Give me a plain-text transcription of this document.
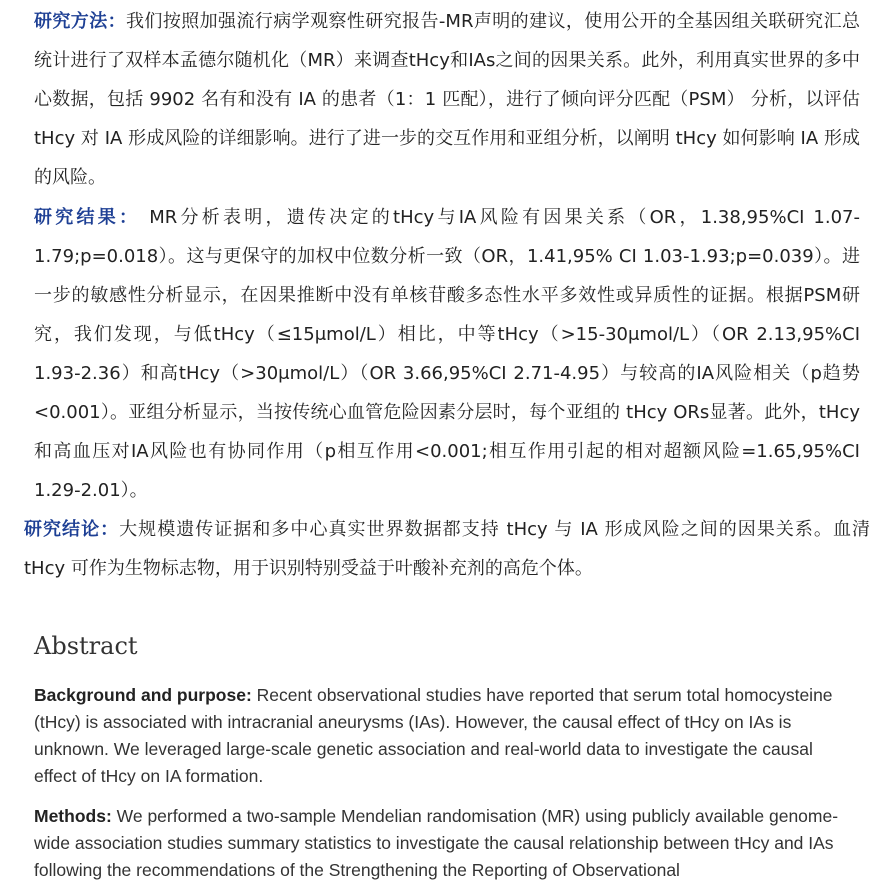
研究方法：我们按照加强流行病学观察性研究报告-MR声明的建议，使用公开的全基因组关联研究汇总统计进行了双样本孟德尔随机化（MR）来调查tHcy和IAs之间的因果关系。此外，利用真实世界的多中心数据，包括 9902 名有和没有 IA 的患者（1：1 匹配），进行了倾向评分匹配（PSM） 分析，以评估 tHcy 对 IA 形成风险的详细影响。进行了进一步的交互作用和亚组分析，以阐明 tHcy 如何影响 IA 形成的风险。

研究结果： MR分析表明，遗传决定的tHcy与IA风险有因果关系（OR，1.38,95%CI 1.07-1.79;p=0.018）。这与更保守的加权中位数分析一致（OR，1.41,95% CI 1.03-1.93;p=0.039）。进一步的敏感性分析显示，在因果推断中没有单核苷酸多态性水平多效性或异质性的证据。根据PSM研究，我们发现，与低tHcy（≤15μmol/L）相比，中等tHcy（>15-30μmol/L）（OR 2.13,95%CI 1.93-2.36）和高tHcy（>30μmol/L）（OR 3.66,95%CI 2.71-4.95）与较高的IA风险相关（p趋势<0.001）。亚组分析显示，当按传统心血管危险因素分层时，每个亚组的 tHcy ORs显著。此外，tHcy和高血压对IA风险也有协同作用（p相互作用<0.001;相互作用引起的相对超额风险=1.65,95%CI 1.29-2.01）。

研究结论：大规模遗传证据和多中心真实世界数据都支持 tHcy 与 IA 形成风险之间的因果关系。血清 tHcy 可作为生物标志物，用于识别特别受益于叶酸补充剂的高危个体。

Abstract

Background and purpose: Recent observational studies have reported that serum total homocysteine (tHcy) is associated with intracranial aneurysms (IAs). However, the causal effect of tHcy on IAs is unknown. We leveraged large-scale genetic association and real-world data to investigate the causal effect of tHcy on IA formation.

Methods: We performed a two-sample Mendelian randomisation (MR) using publicly available genome-wide association studies summary statistics to investigate the causal relationship between tHcy and IAs following the recommendations of the Strengthening the Reporting of Observational
